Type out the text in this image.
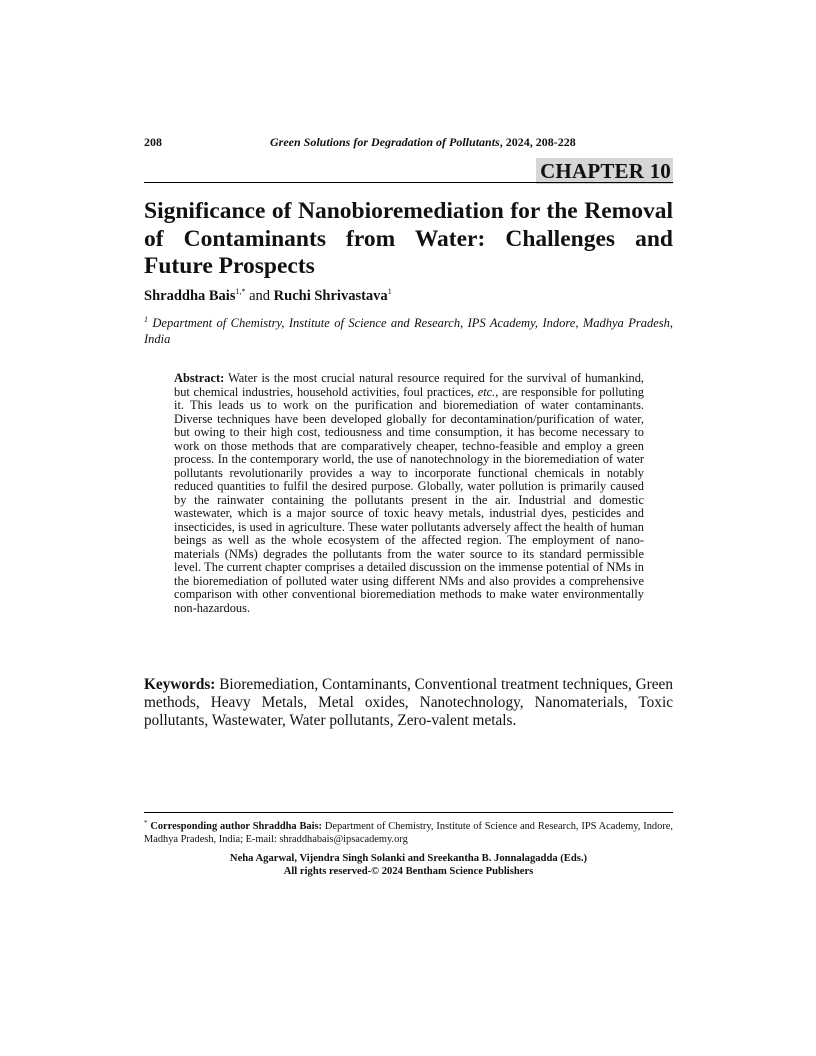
208	Green Solutions for Degradation of Pollutants, 2024, 208-228
CHAPTER 10
Significance of Nanobioremediation for the Removal of Contaminants from Water: Challenges and Future Prospects
Shraddha Bais$^{1,*}$ and Ruchi Shrivastava$^1$
$^1$ Department of Chemistry, Institute of Science and Research, IPS Academy, Indore, Madhya Pradesh, India
Abstract: Water is the most crucial natural resource required for the survival of humankind, but chemical industries, household activities, foul practices, etc., are responsible for polluting it. This leads us to work on the purification and bioremediation of water contaminants. Diverse techniques have been developed globally for decontamination/purification of water, but owing to their high cost, tediousness and time consumption, it has become necessary to work on those methods that are comparatively cheaper, techno-feasible and employ a green process. In the contemporary world, the use of nanotechnology in the bioremediation of water pollutants revolutionarily provides a way to incorporate functional chemicals in notably reduced quantities to fulfil the desired purpose. Globally, water pollution is primarily caused by the rainwater containing the pollutants present in the air. Industrial and domestic wastewater, which is a major source of toxic heavy metals, industrial dyes, pesticides and insecticides, is used in agriculture. These water pollutants adversely affect the health of human beings as well as the whole ecosystem of the affected region. The employment of nano-materials (NMs) degrades the pollutants from the water source to its standard permissible level. The current chapter comprises a detailed discussion on the immense potential of NMs in the bioremediation of polluted water using different NMs and also provides a comprehensive comparison with other conventional bioremediation methods to make water environmentally non-hazardous.
Keywords: Bioremediation, Contaminants, Conventional treatment techniques, Green methods, Heavy Metals, Metal oxides, Nanotechnology, Nanomaterials, Toxic pollutants, Wastewater, Water pollutants, Zero-valent metals.
* Corresponding author Shraddha Bais: Department of Chemistry, Institute of Science and Research, IPS Academy, Indore, Madhya Pradesh, India; E-mail: shraddhabais@ipsacademy.org
Neha Agarwal, Vijendra Singh Solanki and Sreekantha B. Jonnalagadda (Eds.)
All rights reserved-© 2024 Bentham Science Publishers
